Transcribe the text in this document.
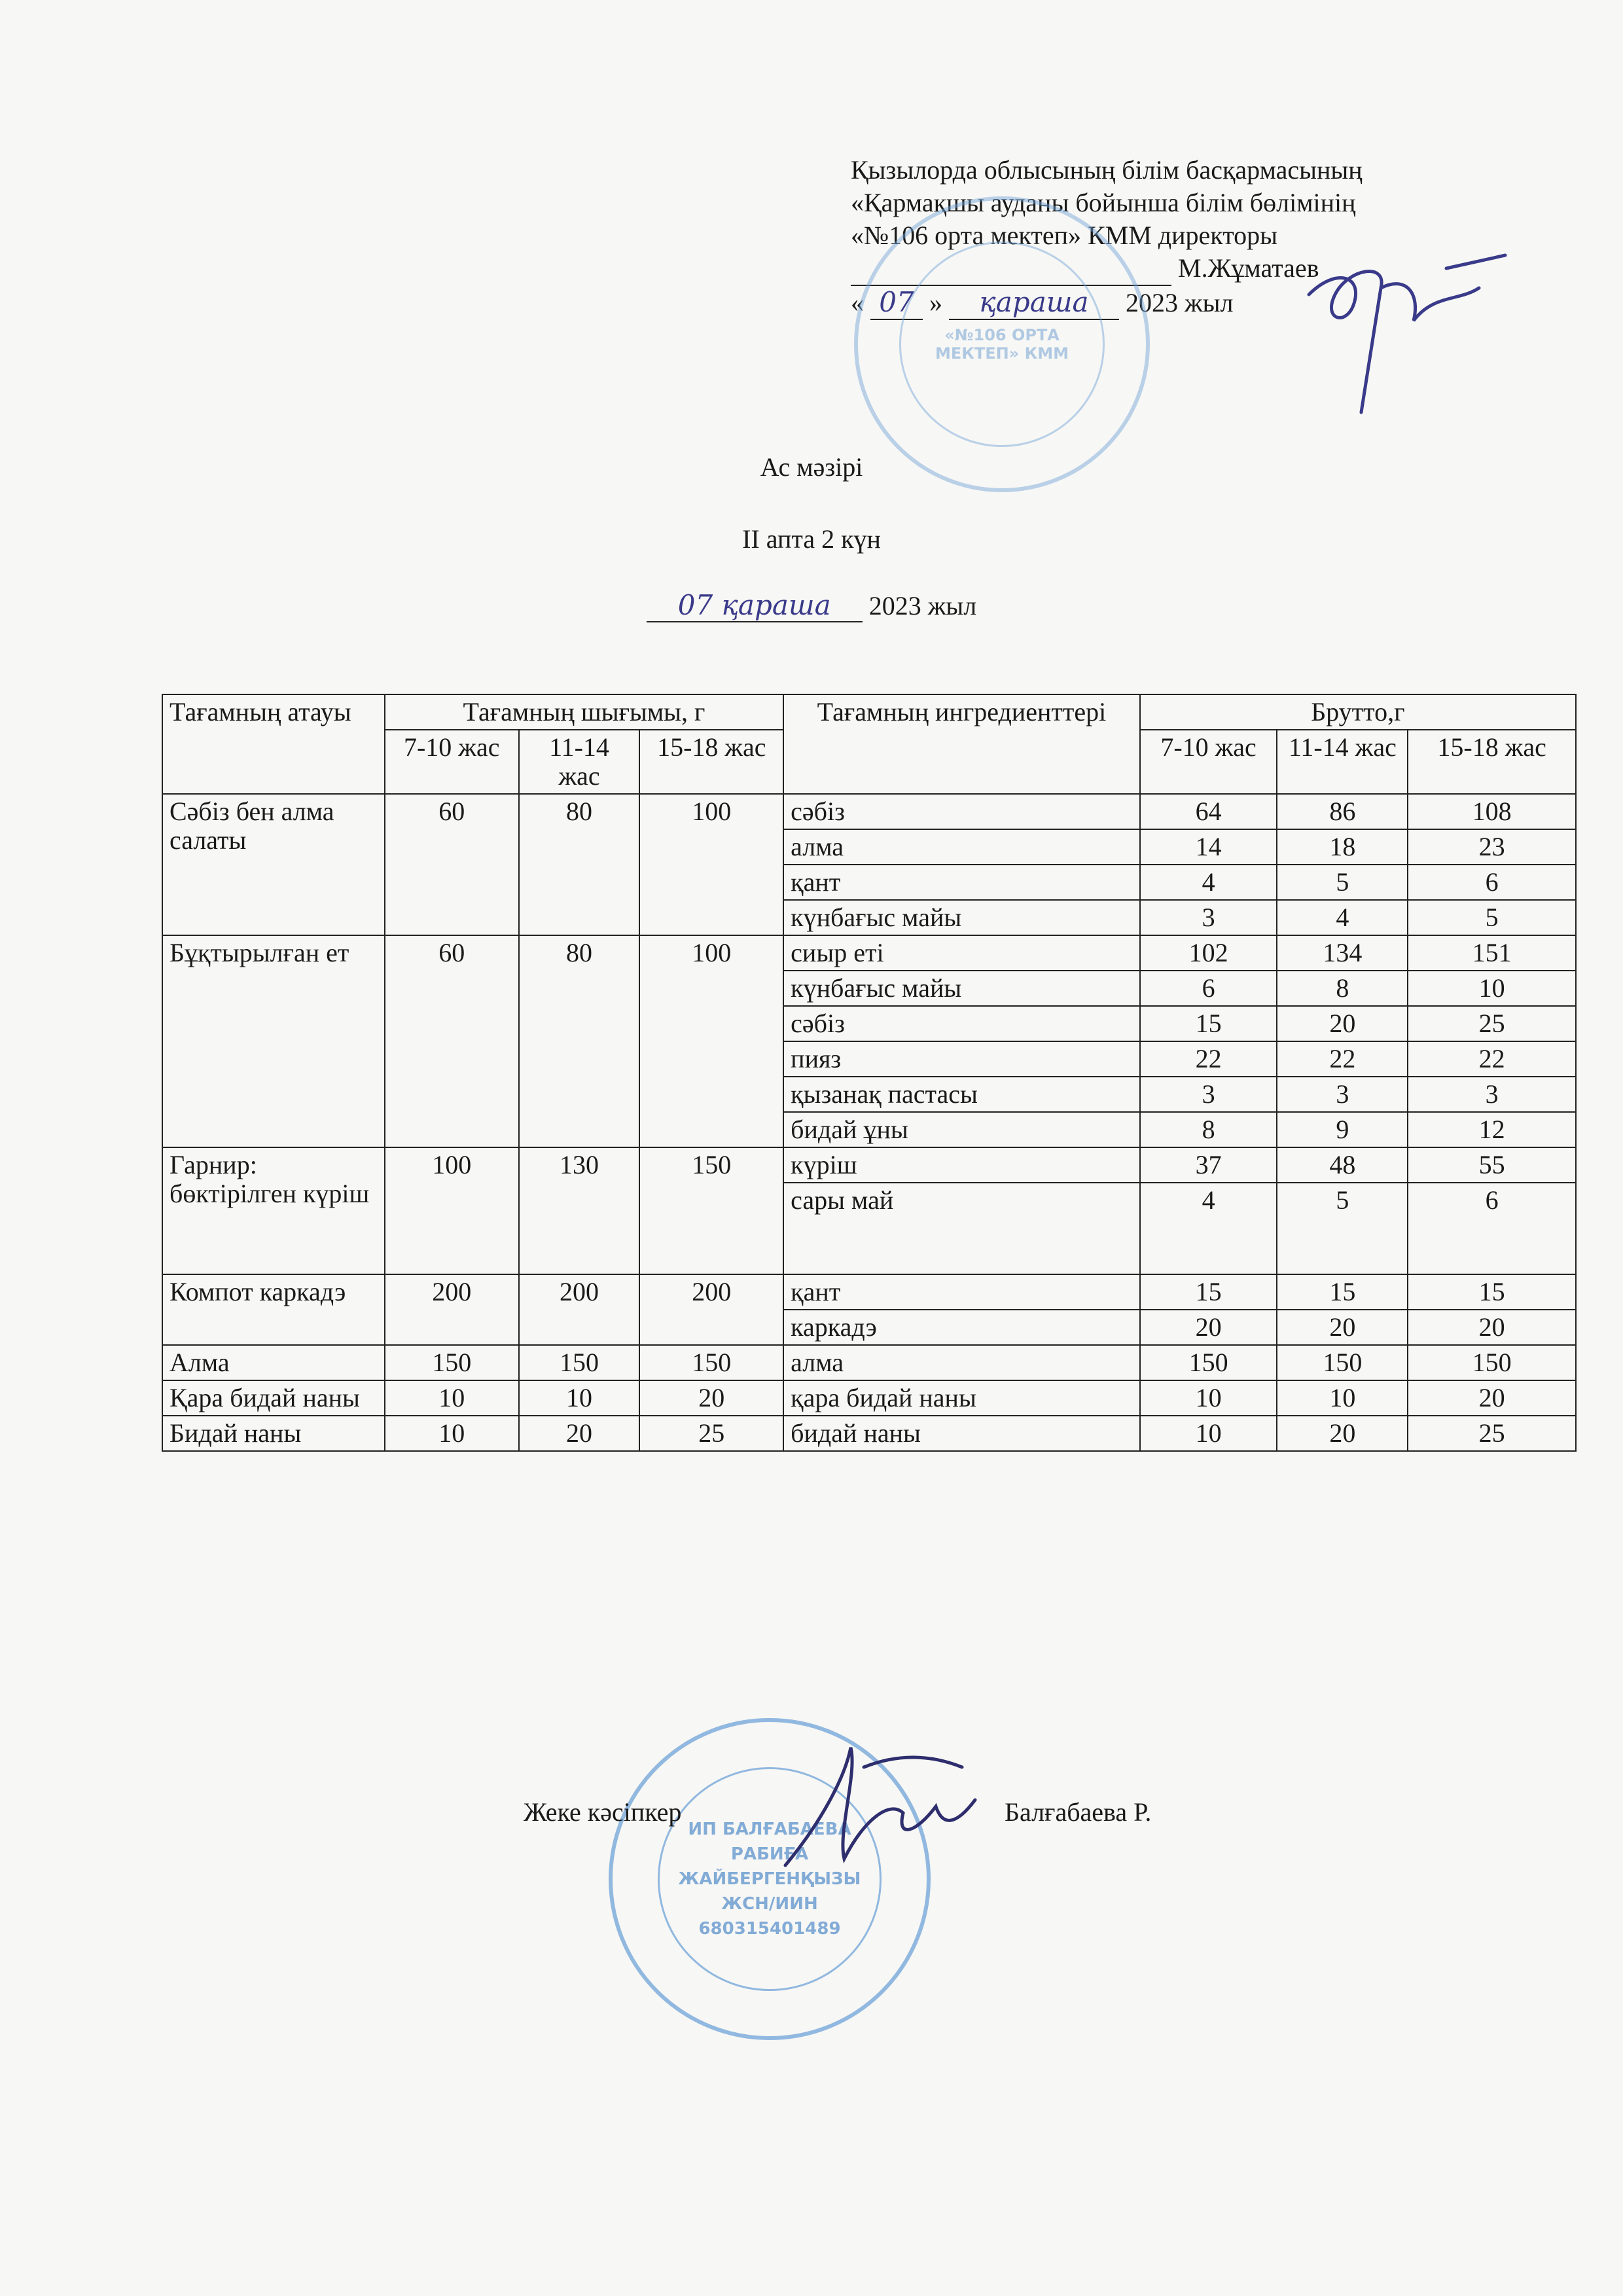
Қызылорда облысының білім басқармасының
«Қармақшы ауданы бойынша білім бөлімінің
«№106 орта мектеп» КММ директоры
М.Жұматаев
« 07 » қараша 2023 жыл
«№106 ОРТА МЕКТЕП» КММ
Ас мәзірі
ІІ апта 2 күн
07 қараша 2023 жыл
Тағамның атауы	Тағамның шығымы, г			Тағамның ингредиенттері	Брутто,г		
	7-10 жас	11-14 жас	15-18 жас		7-10 жас	11-14 жас	15-18 жас
Сәбіз бен алма салаты	60	80	100	сәбіз	64	86	108
				алма	14	18	23
				қант	4	5	6
				күнбағыс майы	3	4	5
Бұқтырылған ет	60	80	100	сиыр еті	102	134	151
				күнбағыс майы	6	8	10
				сәбіз	15	20	25
				пияз	22	22	22
				қызанақ пастасы	3	3	3
				бидай ұны	8	9	12
Гарнир: бөктірілген күріш	100	130	150	күріш	37	48	55
				сары май	4	5	6
Компот каркадэ	200	200	200	қант	15	15	15
				каркадэ	20	20	20
Алма	150	150	150	алма	150	150	150
Қара бидай наны	10	10	20	қара бидай наны	10	10	20
Бидай наны	10	20	25	бидай наны	10	20	25
ИП БАЛҒАБАЕВА
РАБИҒА
ЖАЙБЕРГЕНҚЫЗЫ
ЖСН/ИИН
680315401489
Жеке кәсіпкер	Балғабаева Р.
